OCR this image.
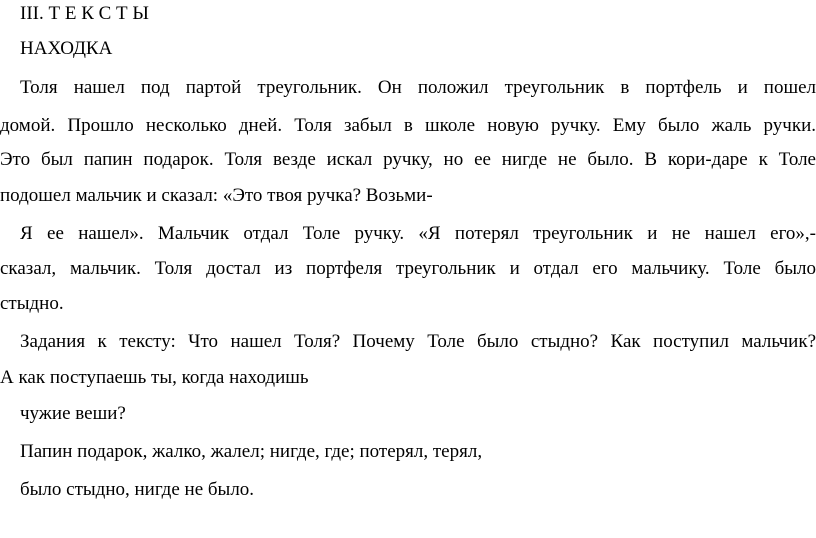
III. Т Е К С Т Ы
НАХОДКА
Толя нашел под партой треугольник. Он положил треугольник в портфель и пошел
домой. Прошло несколько дней. Толя забыл в школе новую ручку. Ему было жаль ручки.
Это был папин подарок. Толя везде искал ручку, но ее нигде не было. В кори-даре к Толе
подошел мальчик и сказал: «Это твоя ручка? Возьми-
Я ее нашел». Мальчик отдал Толе ручку. «Я потерял треугольник и не нашел его»,-
сказал, мальчик. Толя достал из портфеля треугольник и отдал его мальчику. Толе было
стыдно.
Задания к тексту: Что нашел Толя? Почему Толе было стыдно? Как поступил мальчик?
А как поступаешь ты, когда находишь
чужие веши?
Папин подарок, жалко, жалел; нигде, где; потерял, терял,
было стыдно, нигде не было.
